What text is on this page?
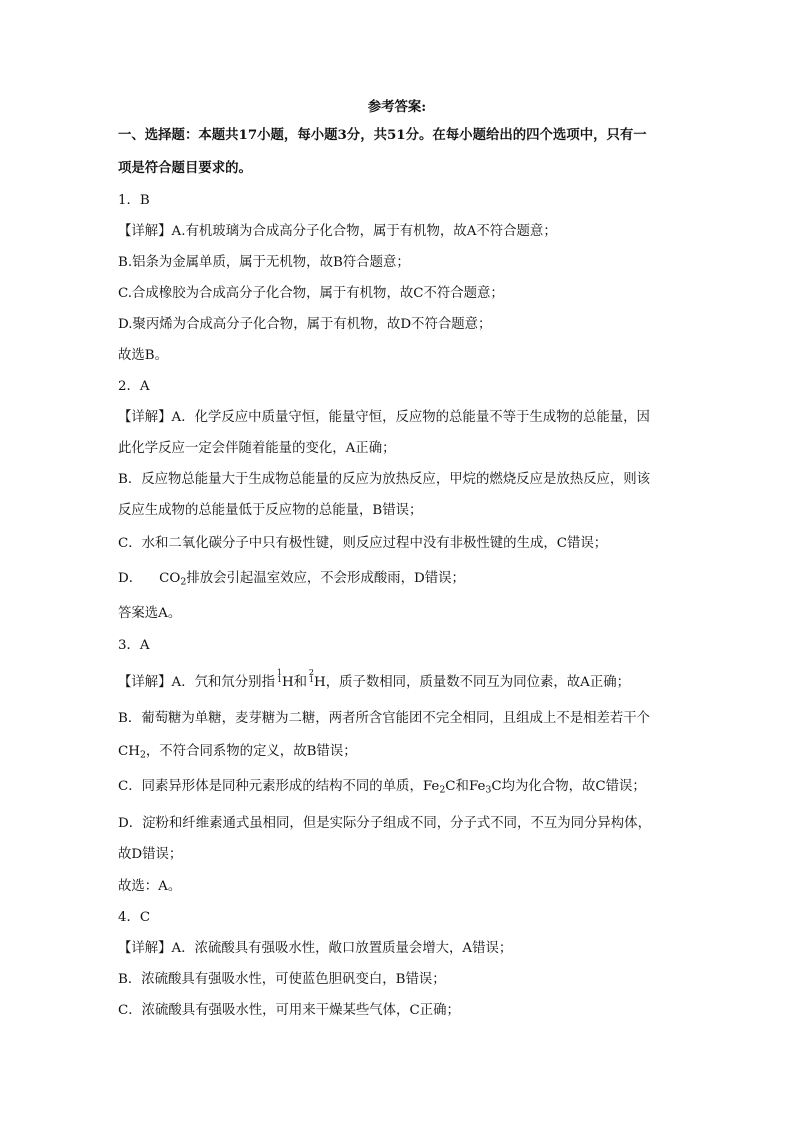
参考答案:
一、选择题：本题共17小题，每小题3分，共51分。在每小题给出的四个选项中，只有一
项是符合题目要求的。
1．B
【详解】A.有机玻璃为合成高分子化合物，属于有机物，故A不符合题意；
B.铝条为金属单质，属于无机物，故B符合题意；
C.合成橡胶为合成高分子化合物，属于有机物，故C不符合题意；
D.聚丙烯为合成高分子化合物，属于有机物，故D不符合题意；
故选B。
2．A
【详解】A．化学反应中质量守恒，能量守恒，反应物的总能量不等于生成物的总能量，因
此化学反应一定会伴随着能量的变化，A正确；
B．反应物总能量大于生成物总能量的反应为放热反应，甲烷的燃烧反应是放热反应，则该
反应生成物的总能量低于反应物的总能量，B错误；
C．水和二氧化碳分子中只有极性键，则反应过程中没有非极性键的生成，C错误；
D． $CO_2$排放会引起温室效应，不会形成酸雨，D错误；
答案选A。
3．A
【详解】A．氕和氘分别指
1
1 H和
2
1 H，质子数相同，质量数不同互为同位素，故A正确；
B．葡萄糖为单糖，麦芽糖为二糖，两者所含官能团不完全相同，且组成上不是相差若干个
$CH_2$，不符合同系物的定义，故B错误；
C．同素异形体是同种元素形成的结构不同的单质，$Fe_2C$和$Fe_3C$均为化合物，故C错误；
D．淀粉和纤维素通式虽相同，但是实际分子组成不同，分子式不同，不互为同分异构体，
故D错误；
故选：A。
4．C
【详解】A．浓硫酸具有强吸水性，敞口放置质量会增大，A错误；
B．浓硫酸具有强吸水性，可使蓝色胆矾变白，B错误；
C．浓硫酸具有强吸水性，可用来干燥某些气体，C正确；
